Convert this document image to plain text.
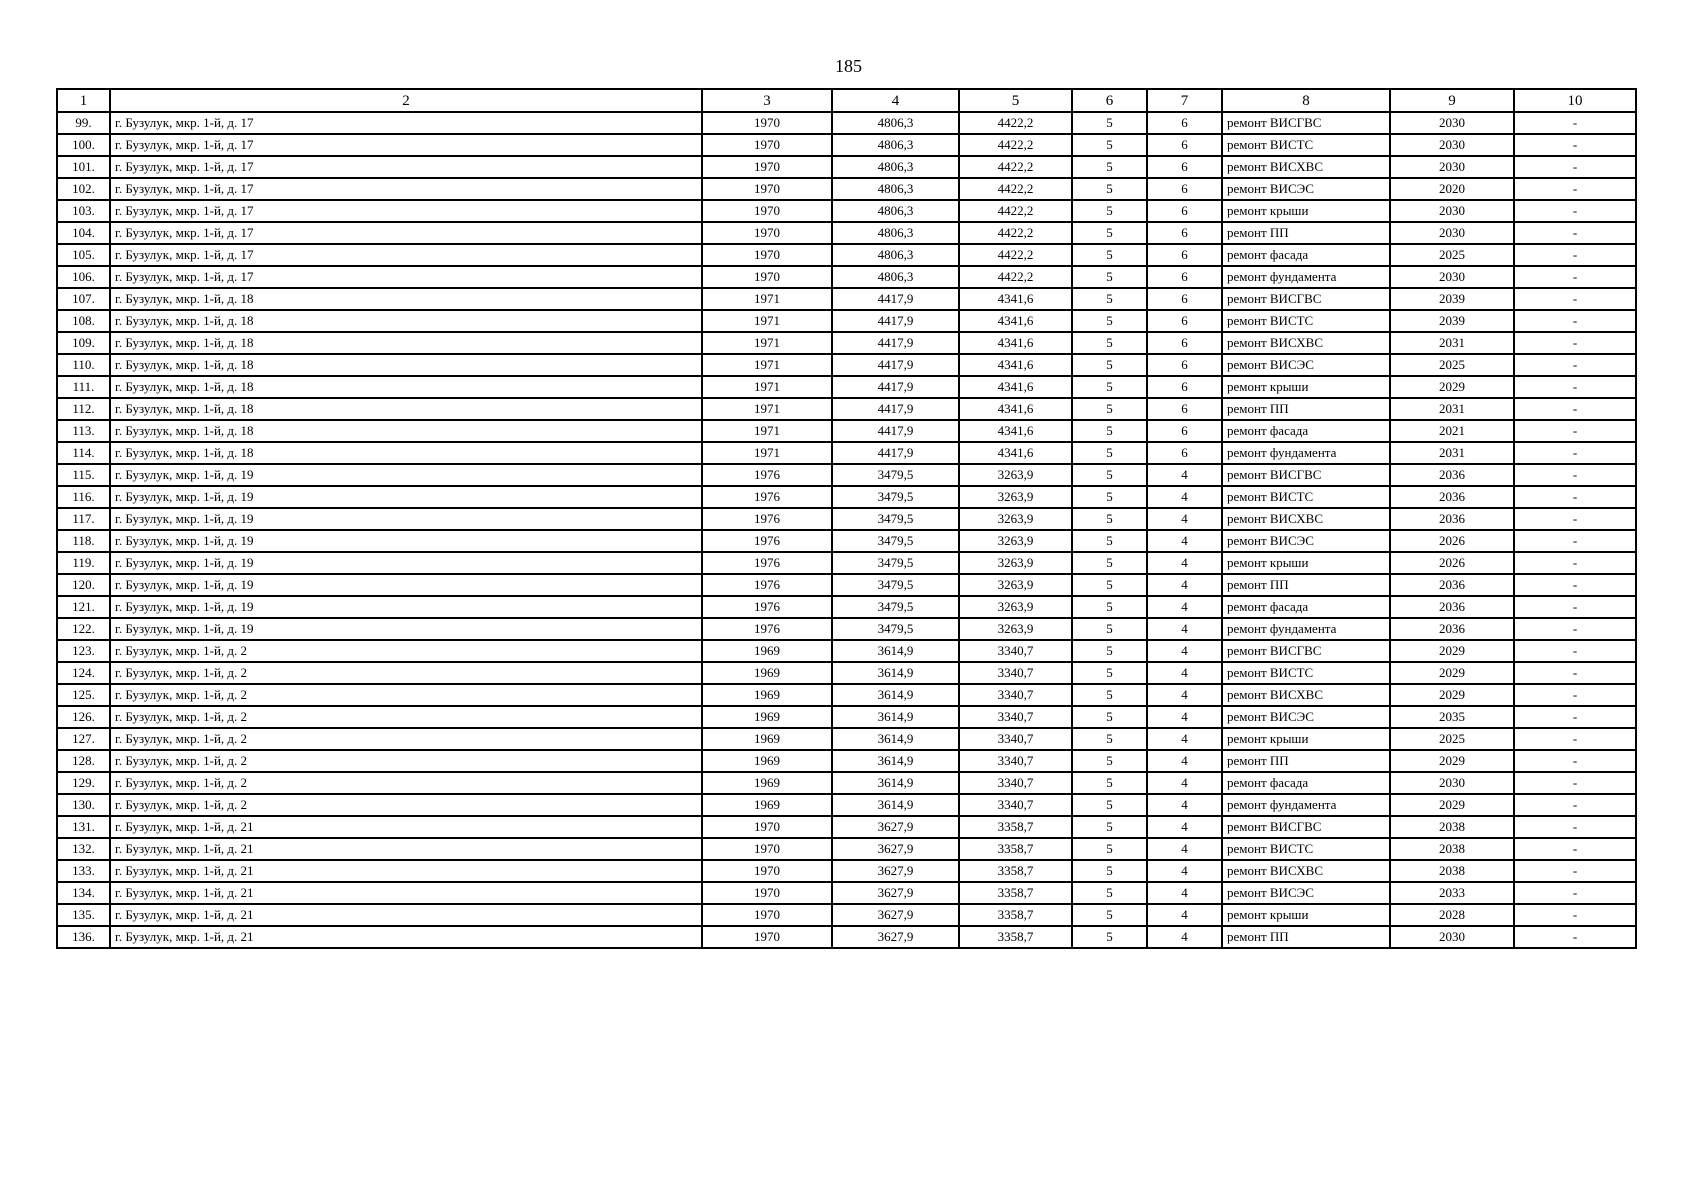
185
1	2	3	4	5	6	7	8	9	10
99.	г. Бузулук, мкр. 1-й, д. 17	1970	4806,3	4422,2	5	6	ремонт ВИСГВС	2030	-
100.	г. Бузулук, мкр. 1-й, д. 17	1970	4806,3	4422,2	5	6	ремонт ВИСТС	2030	-
101.	г. Бузулук, мкр. 1-й, д. 17	1970	4806,3	4422,2	5	6	ремонт ВИСХВС	2030	-
102.	г. Бузулук, мкр. 1-й, д. 17	1970	4806,3	4422,2	5	6	ремонт ВИСЭС	2020	-
103.	г. Бузулук, мкр. 1-й, д. 17	1970	4806,3	4422,2	5	6	ремонт крыши	2030	-
104.	г. Бузулук, мкр. 1-й, д. 17	1970	4806,3	4422,2	5	6	ремонт ПП	2030	-
105.	г. Бузулук, мкр. 1-й, д. 17	1970	4806,3	4422,2	5	6	ремонт фасада	2025	-
106.	г. Бузулук, мкр. 1-й, д. 17	1970	4806,3	4422,2	5	6	ремонт фундамента	2030	-
107.	г. Бузулук, мкр. 1-й, д. 18	1971	4417,9	4341,6	5	6	ремонт ВИСГВС	2039	-
108.	г. Бузулук, мкр. 1-й, д. 18	1971	4417,9	4341,6	5	6	ремонт ВИСТС	2039	-
109.	г. Бузулук, мкр. 1-й, д. 18	1971	4417,9	4341,6	5	6	ремонт ВИСХВС	2031	-
110.	г. Бузулук, мкр. 1-й, д. 18	1971	4417,9	4341,6	5	6	ремонт ВИСЭС	2025	-
111.	г. Бузулук, мкр. 1-й, д. 18	1971	4417,9	4341,6	5	6	ремонт крыши	2029	-
112.	г. Бузулук, мкр. 1-й, д. 18	1971	4417,9	4341,6	5	6	ремонт ПП	2031	-
113.	г. Бузулук, мкр. 1-й, д. 18	1971	4417,9	4341,6	5	6	ремонт фасада	2021	-
114.	г. Бузулук, мкр. 1-й, д. 18	1971	4417,9	4341,6	5	6	ремонт фундамента	2031	-
115.	г. Бузулук, мкр. 1-й, д. 19	1976	3479,5	3263,9	5	4	ремонт ВИСГВС	2036	-
116.	г. Бузулук, мкр. 1-й, д. 19	1976	3479,5	3263,9	5	4	ремонт ВИСТС	2036	-
117.	г. Бузулук, мкр. 1-й, д. 19	1976	3479,5	3263,9	5	4	ремонт ВИСХВС	2036	-
118.	г. Бузулук, мкр. 1-й, д. 19	1976	3479,5	3263,9	5	4	ремонт ВИСЭС	2026	-
119.	г. Бузулук, мкр. 1-й, д. 19	1976	3479,5	3263,9	5	4	ремонт крыши	2026	-
120.	г. Бузулук, мкр. 1-й, д. 19	1976	3479,5	3263,9	5	4	ремонт ПП	2036	-
121.	г. Бузулук, мкр. 1-й, д. 19	1976	3479,5	3263,9	5	4	ремонт фасада	2036	-
122.	г. Бузулук, мкр. 1-й, д. 19	1976	3479,5	3263,9	5	4	ремонт фундамента	2036	-
123.	г. Бузулук, мкр. 1-й, д. 2	1969	3614,9	3340,7	5	4	ремонт ВИСГВС	2029	-
124.	г. Бузулук, мкр. 1-й, д. 2	1969	3614,9	3340,7	5	4	ремонт ВИСТС	2029	-
125.	г. Бузулук, мкр. 1-й, д. 2	1969	3614,9	3340,7	5	4	ремонт ВИСХВС	2029	-
126.	г. Бузулук, мкр. 1-й, д. 2	1969	3614,9	3340,7	5	4	ремонт ВИСЭС	2035	-
127.	г. Бузулук, мкр. 1-й, д. 2	1969	3614,9	3340,7	5	4	ремонт крыши	2025	-
128.	г. Бузулук, мкр. 1-й, д. 2	1969	3614,9	3340,7	5	4	ремонт ПП	2029	-
129.	г. Бузулук, мкр. 1-й, д. 2	1969	3614,9	3340,7	5	4	ремонт фасада	2030	-
130.	г. Бузулук, мкр. 1-й, д. 2	1969	3614,9	3340,7	5	4	ремонт фундамента	2029	-
131.	г. Бузулук, мкр. 1-й, д. 21	1970	3627,9	3358,7	5	4	ремонт ВИСГВС	2038	-
132.	г. Бузулук, мкр. 1-й, д. 21	1970	3627,9	3358,7	5	4	ремонт ВИСТС	2038	-
133.	г. Бузулук, мкр. 1-й, д. 21	1970	3627,9	3358,7	5	4	ремонт ВИСХВС	2038	-
134.	г. Бузулук, мкр. 1-й, д. 21	1970	3627,9	3358,7	5	4	ремонт ВИСЭС	2033	-
135.	г. Бузулук, мкр. 1-й, д. 21	1970	3627,9	3358,7	5	4	ремонт крыши	2028	-
136.	г. Бузулук, мкр. 1-й, д. 21	1970	3627,9	3358,7	5	4	ремонт ПП	2030	-
